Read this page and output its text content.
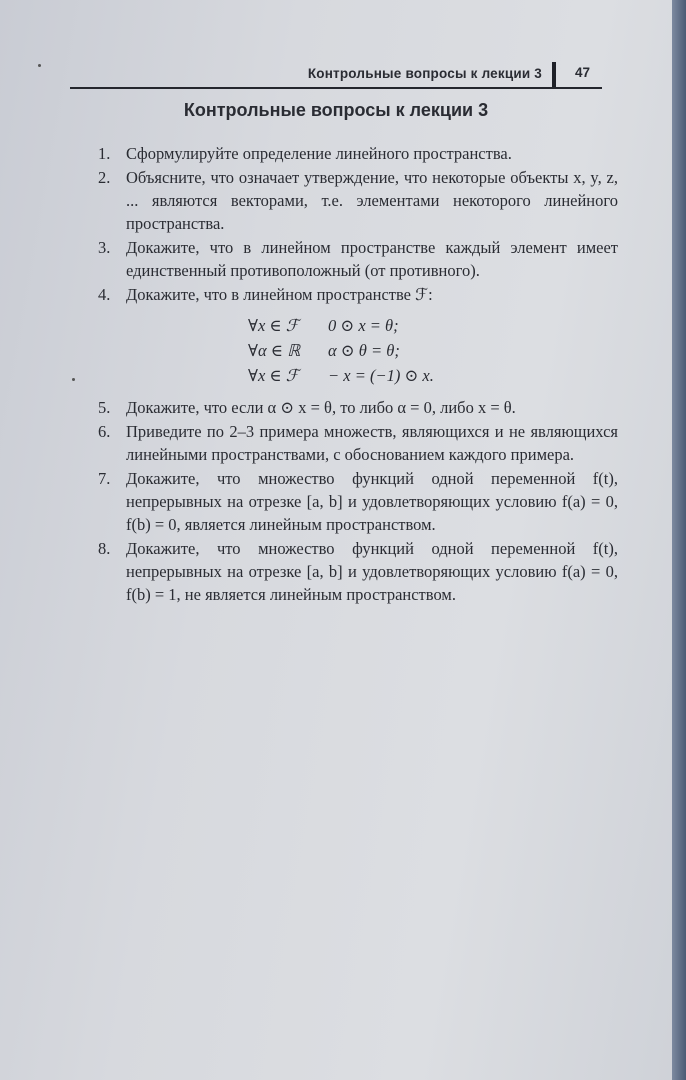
Контрольные вопросы к лекции 3 47
Контрольные вопросы к лекции 3
1. Сформулируйте определение линейного пространства.
2. Объясните, что означает утверждение, что некоторые объекты x, y, z, ... являются векторами, т.е. элементами некоторого линейного пространства.
3. Докажите, что в линейном пространстве каждый элемент имеет единственный противоположный (от противного).
4. Докажите, что в линейном пространстве ℱ:
∀x ∈ ℱ	0 ⊙ x = θ;
∀α ∈ ℝ	α ⊙ θ = θ;
∀x ∈ ℱ	− x = (−1) ⊙ x.
5. Докажите, что если α ⊙ x = θ, то либо α = 0, либо x = θ.
6. Приведите по 2–3 примера множеств, являющихся и не являющихся линейными пространствами, с обоснованием каждого примера.
7. Докажите, что множество функций одной переменной f(t), непрерывных на отрезке [a, b] и удовлетворяющих условию f(a) = 0, f(b) = 0, является линейным пространством.
8. Докажите, что множество функций одной переменной f(t), непрерывных на отрезке [a, b] и удовлетворяющих условию f(a) = 0, f(b) = 1, не является линейным пространством.
